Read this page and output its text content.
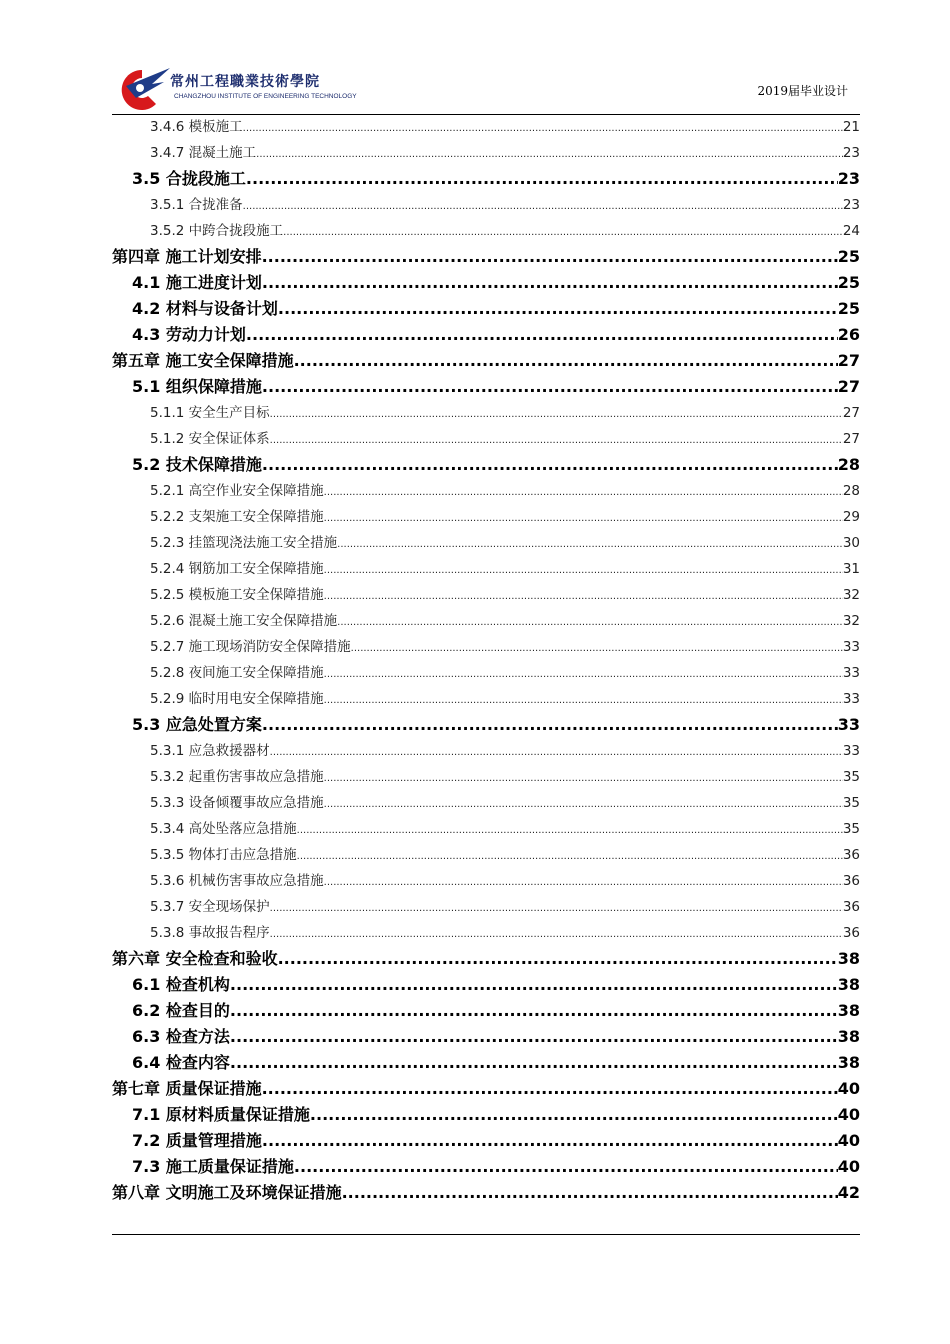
常州工程職業技術學院
CHANGZHOU INSTITUTE OF ENGINEERING TECHNOLOGY	2019届毕业设计
3.4.6 模板施工 .....	21
3.4.7 混凝土施工 .....	23
3.5 合拢段施工 .....	23
3.5.1 合拢准备 .....	23
3.5.2 中跨合拢段施工 .....	24
第四章 施工计划安排 .....	25
4.1 施工进度计划 .....	25
4.2 材料与设备计划 .....	25
4.3 劳动力计划 .....	26
第五章 施工安全保障措施 .....	27
5.1 组织保障措施 .....	27
5.1.1 安全生产目标 .....	27
5.1.2 安全保证体系 .....	27
5.2 技术保障措施 .....	28
5.2.1 高空作业安全保障措施 .....	28
5.2.2 支架施工安全保障措施 .....	29
5.2.3 挂篮现浇法施工安全措施 .....	30
5.2.4 钢筋加工安全保障措施 .....	31
5.2.5 模板施工安全保障措施 .....	32
5.2.6 混凝土施工安全保障措施 .....	32
5.2.7 施工现场消防安全保障措施 .....	33
5.2.8 夜间施工安全保障措施 .....	33
5.2.9 临时用电安全保障措施 .....	33
5.3 应急处置方案 .....	33
5.3.1 应急救援器材 .....	33
5.3.2 起重伤害事故应急措施 .....	35
5.3.3 设备倾覆事故应急措施 .....	35
5.3.4 高处坠落应急措施 .....	35
5.3.5 物体打击应急措施 .....	36
5.3.6 机械伤害事故应急措施 .....	36
5.3.7 安全现场保护 .....	36
5.3.8 事故报告程序 .....	36
第六章 安全检查和验收 .....	38
6.1 检查机构 .....	38
6.2 检查目的 .....	38
6.3 检查方法 .....	38
6.4 检查内容 .....	38
第七章 质量保证措施 .....	40
7.1 原材料质量保证措施 .....	40
7.2 质量管理措施 .....	40
7.3 施工质量保证措施 .....	40
第八章 文明施工及环境保证措施 .....	42
